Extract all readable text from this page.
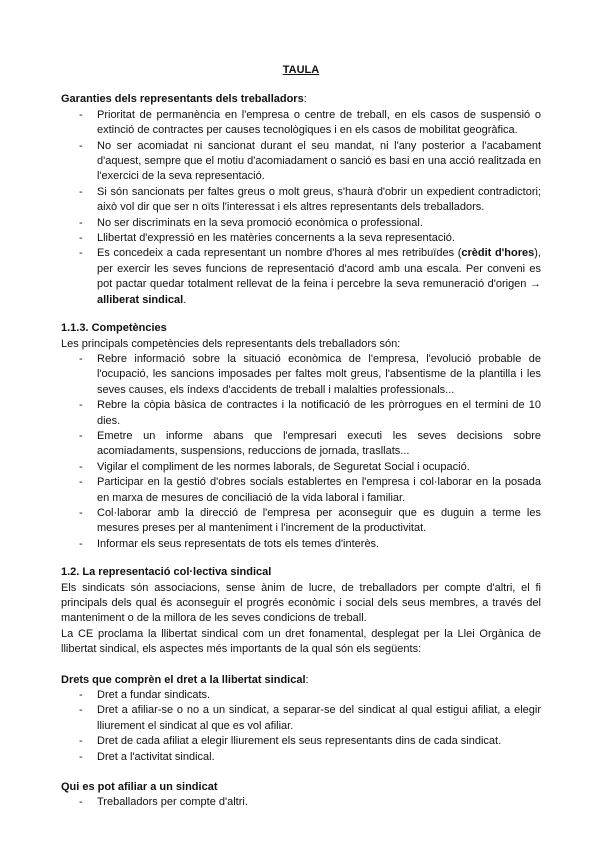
TAULA
Garanties dels representants dels treballadors:
- Prioritat de permanència en l'empresa o centre de treball, en els casos de suspensió o extinció de contractes per causes tecnològiques i en els casos de mobilitat geogràfica.
- No ser acomiadat ni sancionat durant el seu mandat, ni l'any posterior a l'acabament d'aquest, sempre que el motiu d'acomiadament o sanció es basi en una acció realitzada en l'exercici de la seva representació.
- Si són sancionats per faltes greus o molt greus, s'haurà d'obrir un expedient contradictori; això vol dir que ser n oïts l'interessat i els altres representants dels treballadors.
- No ser discriminats en la seva promoció econòmica o professional.
- Llibertat d'expressió en les matèries concernents a la seva representació.
- Es concedeix a cada representant un nombre d'hores al mes retribuïdes (crèdit d'hores), per exercir les seves funcions de representació d'acord amb una escala. Per conveni es pot pactar quedar totalment rellevat de la feina i percebre la seva remuneració d'origen → alliberat sindical.
1.1.3. Competències

Les principals competències dels representants dels treballadors són:

- Rebre informació sobre la situació econòmica de l'empresa, l'evolució probable de l'ocupació, les sancions imposades per faltes molt greus, l'absentisme de la plantilla i les seves causes, els índexs d'accidents de treball i malalties professionals...
- Rebre la còpia bàsica de contractes i la notificació de les pròrrogues en el termini de 10 dies.
- Emetre un informe abans que l'empresari executi les seves decisions sobre acomiadaments, suspensions, reduccions de jornada, trasllats...
- Vigilar el compliment de les normes laborals, de Seguretat Social i ocupació.
- Participar en la gestió d'obres socials establertes en l'empresa i col·laborar en la posada en marxa de mesures de conciliació de la vida laboral i familiar.
- Col·laborar amb la direcció de l'empresa per aconseguir que es duguin a terme les mesures preses per al manteniment i l'increment de la productivitat.
- Informar els seus representats de tots els temes d'interès.
1.2. La representació col·lectiva sindical

Els sindicats són associacions, sense ànim de lucre, de treballadors per compte d'altri, el fi principals dels qual és aconseguir el progrés econòmic i social dels seus membres, a través del manteniment o de la millora de les seves condicions de treball.

La CE proclama la llibertat sindical com un dret fonamental, desplegat per la Llei Orgànica de llibertat sindical, els aspectes més importants de la qual són els següents:

Drets que comprèn el dret a la llibertat sindical:
- Dret a fundar sindicats.
- Dret a afiliar-se o no a un sindicat, a separar-se del sindicat al qual estigui afiliat, a elegir lliurement el sindicat al que es vol afiliar.
- Dret de cada afiliat a elegir lliurement els seus representants dins de cada sindicat.
- Dret a l'activitat sindical.
Qui es pot afiliar a un sindicat
- Treballadors per compte d'altri.
